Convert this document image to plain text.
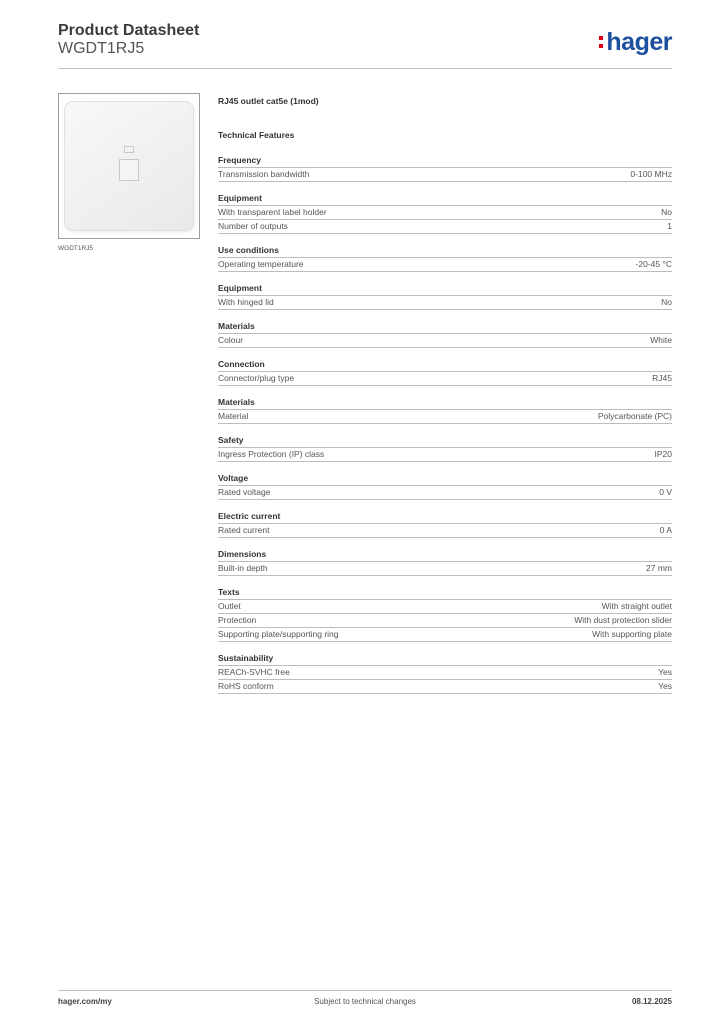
Product Datasheet
WGDT1RJ5	hager
WGDT1RJ5
RJ45 outlet cat5e (1mod)
Technical Features
Frequency
Transmission bandwidth	0-100 MHz
Equipment
With transparent label holder	No
Number of outputs	1
Use conditions
Operating temperature	-20-45 °C
Equipment
With hinged lid	No
Materials
Colour	White
Connection
Connector/plug type	RJ45
Materials
Material	Polycarbonate (PC)
Safety
Ingress Protection (IP) class	IP20
Voltage
Rated voltage	0 V
Electric current
Rated current	0 A
Dimensions
Built-in depth	27 mm
Texts
Outlet	With straight outlet
Protection	With dust protection slider
Supporting plate/supporting ring	With supporting plate
Sustainability
REACh-SVHC free	Yes
RoHS conform	Yes
hager.com/my	Subject to technical changes	08.12.2025
